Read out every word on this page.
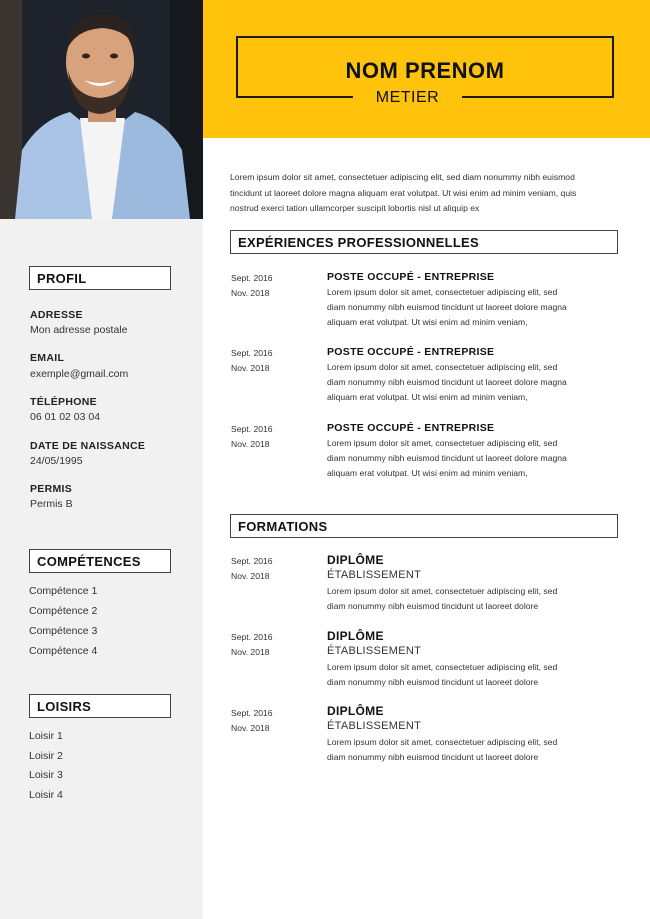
NOM PRENOM
METIER
Lorem ipsum dolor sit amet, consectetuer adipiscing elit, sed diam nonummy nibh euismod tincidunt ut laoreet dolore magna aliquam erat volutpat. Ut wisi enim ad minim veniam, quis nostrud exerci tation ullamcorper suscipit lobortis nisl ut aliquip ex
PROFIL
ADRESSE
Mon adresse postale
EMAIL
exemple@gmail.com
TÉLÉPHONE
06 01 02 03 04
DATE DE NAISSANCE
24/05/1995
PERMIS
Permis B
COMPÉTENCES
Compétence 1
Compétence 2
Compétence 3
Compétence 4
LOISIRS
Loisir 1
Loisir 2
Loisir 3
Loisir 4
EXPÉRIENCES PROFESSIONNELLES
Sept. 2016
Nov. 2018
POSTE OCCUPÉ - ENTREPRISE
Lorem ipsum dolor sit amet, consectetuer adipiscing elit, sed diam nonummy nibh euismod tincidunt ut laoreet dolore magna aliquam erat volutpat. Ut wisi enim ad minim veniam,
Sept. 2016
Nov. 2018
POSTE OCCUPÉ - ENTREPRISE
Lorem ipsum dolor sit amet, consectetuer adipiscing elit, sed diam nonummy nibh euismod tincidunt ut laoreet dolore magna aliquam erat volutpat. Ut wisi enim ad minim veniam,
Sept. 2016
Nov. 2018
POSTE OCCUPÉ - ENTREPRISE
Lorem ipsum dolor sit amet, consectetuer adipiscing elit, sed diam nonummy nibh euismod tincidunt ut laoreet dolore magna aliquam erat volutpat. Ut wisi enim ad minim veniam,
FORMATIONS
Sept. 2016
Nov. 2018
DIPLÔME
ÉTABLISSEMENT
Lorem ipsum dolor sit amet, consectetuer adipiscing elit, sed diam nonummy nibh euismod tincidunt ut laoreet dolore
Sept. 2016
Nov. 2018
DIPLÔME
ÉTABLISSEMENT
Lorem ipsum dolor sit amet, consectetuer adipiscing elit, sed diam nonummy nibh euismod tincidunt ut laoreet dolore
Sept. 2016
Nov. 2018
DIPLÔME
ÉTABLISSEMENT
Lorem ipsum dolor sit amet, consectetuer adipiscing elit, sed diam nonummy nibh euismod tincidunt ut laoreet dolore
